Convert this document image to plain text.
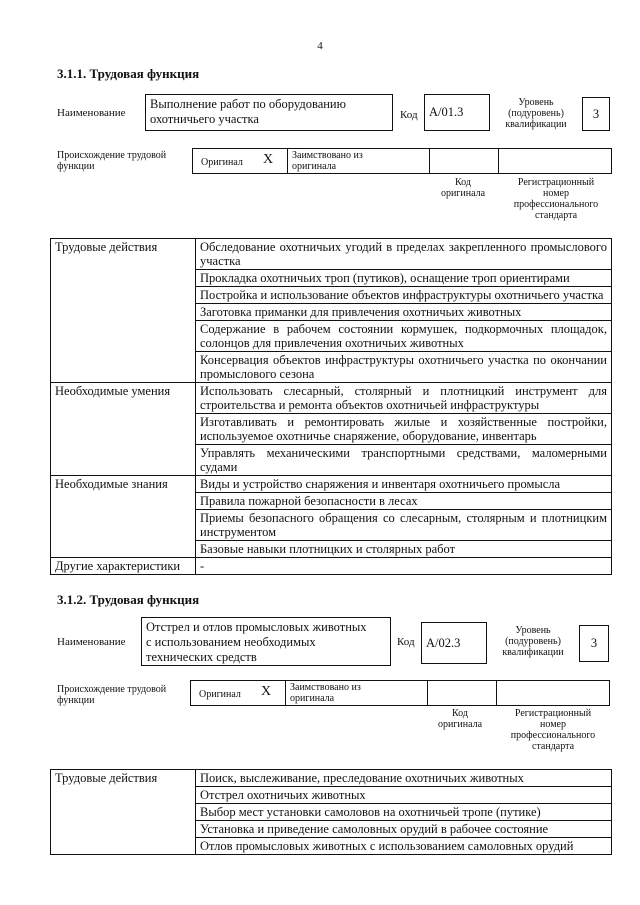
4
3.1.1. Трудовая функция
Наименование
Выполнение работ по оборудованию
охотничьего участка	Код А/01.3
Уровень
(подуровень)
квалификации
3
Происхождение трудовой
функции	Оригинал X Заимствовано из
оригинала
Код
оригинала
Регистрационный
номер
профессионального
стандарта
Трудовые действия	Обследование охотничьих угодий в пределах закрепленного промыслового участка
	Прокладка охотничьих троп (путиков), оснащение троп ориентирами
	Постройка и использование объектов инфраструктуры охотничьего участка
	Заготовка приманки для привлечения охотничьих животных
	Содержание в рабочем состоянии кормушек, подкормочных площадок, солонцов для привлечения охотничьих животных
	Консервация объектов инфраструктуры охотничьего участка по окончании промыслового сезона
Необходимые умения	Использовать слесарный, столярный и плотницкий инструмент для строительства и ремонта объектов охотничьей инфраструктуры
	Изготавливать и ремонтировать жилые и хозяйственные постройки, используемое охотничье снаряжение, оборудование, инвентарь
	Управлять механическими транспортными средствами, маломерными судами
Необходимые знания	Виды и устройство снаряжения и инвентаря охотничьего промысла
	Правила пожарной безопасности в лесах
	Приемы безопасного обращения со слесарным, столярным и плотницким инструментом
	Базовые навыки плотницких и столярных работ
Другие характеристики	-
3.1.2. Трудовая функция
Наименование
Отстрел и отлов промысловых животных
с использованием необходимых
технических средств
Код А/02.3
Уровень
(подуровень)
квалификации
3
Происхождение трудовой
функции
Оригинал X Заимствовано из
оригинала
Код
оригинала
Регистрационный
номер
профессионального
стандарта
Трудовые действия	Поиск, выслеживание, преследование охотничьих животных
Отстрел охотничьих животных
Выбор мест установки самоловов на охотничьей тропе (путике)
Установка и приведение самоловных орудий в рабочее состояние
Отлов промысловых животных с использованием самоловных орудий
